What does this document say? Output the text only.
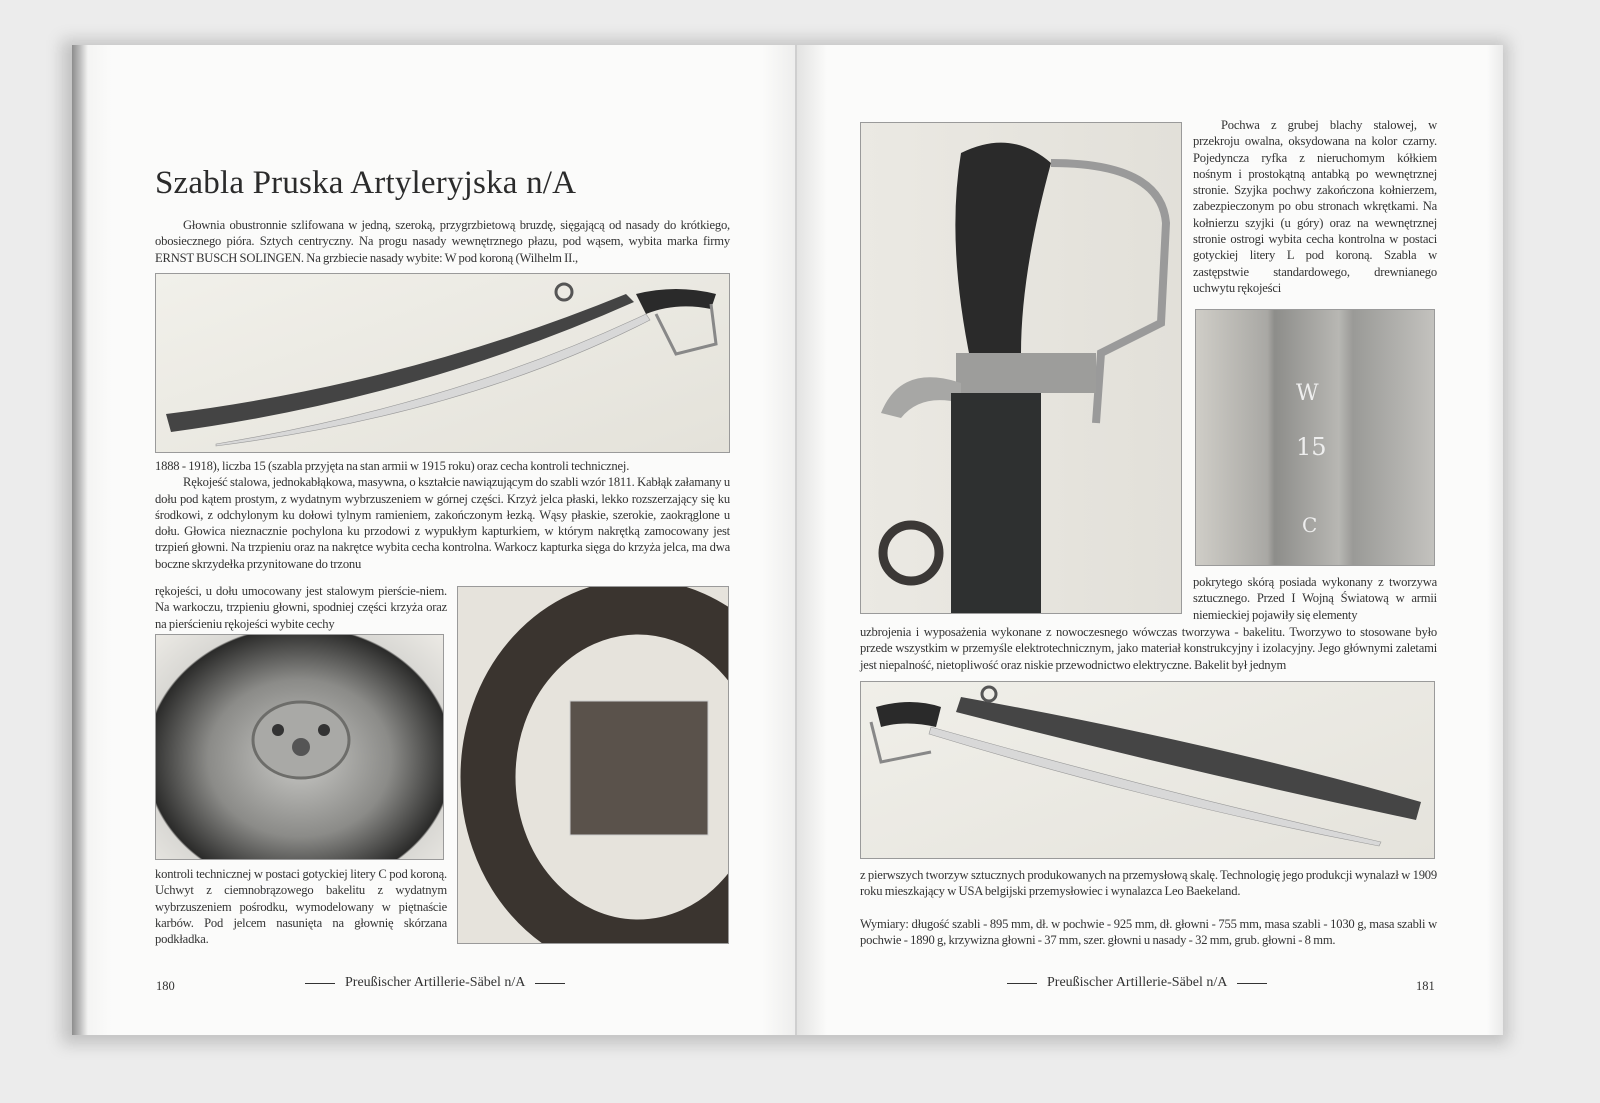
Szabla Pruska Artyleryjska n/A

Głownia obustronnie szlifowana w jedną, szeroką, przygrzbietową bruzdę, sięgającą od nasady do krótkiego, obosiecznego pióra. Sztych centryczny. Na progu nasady wewnętrznego płazu, pod wąsem, wybita marka firmy ERNST BUSCH SOLINGEN. Na grzbiecie nasady wybite: W pod koroną (Wilhelm II.,

1888 - 1918), liczba 15 (szabla przyjęta na stan armii w 1915 roku) oraz cecha kontroli technicznej.

Rękojeść stalowa, jednokabłąkowa, masywna, o kształcie nawiązującym do szabli wzór 1811. Kabłąk załamany u dołu pod kątem prostym, z wydatnym wybrzuszeniem w górnej części. Krzyż jelca płaski, lekko rozszerzający się ku środkowi, z odchylonym ku dołowi tylnym ramieniem, zakończonym łezką. Wąsy płaskie, szerokie, zaokrąglone u dołu. Głowica nieznacznie pochylona ku przodowi z wypukłym kapturkiem, w którym nakrętką zamocowany jest trzpień głowni. Na trzpieniu oraz na nakrętce wybita cecha kontrolna. Warkocz kapturka sięga do krzyża jelca, ma dwa boczne skrzydełka przynitowane do trzonu

rękojeści, u dołu umocowany jest stalowym pierście-niem. Na warkoczu, trzpieniu głowni, spodniej części krzyża oraz na pierścieniu rękojeści wybite cechy

kontroli technicznej w postaci gotyckiej litery C pod koroną. Uchwyt z ciemnobrązowego bakelitu z wydatnym wybrzuszeniem pośrodku, wymodelowany w piętnaście karbów. Pod jelcem nasunięta na głownię skórzana podkładka.

180	Preußischer Artillerie-Säbel n/A

Pochwa z grubej blachy stalowej, w przekroju owalna, oksydowana na kolor czarny. Pojedyncza ryfka z nieruchomym kółkiem nośnym i prostokątną antabką po wewnętrznej stronie. Szyjka pochwy zakończona kołnierzem, zabezpieczonym po obu stronach wkrętkami. Na kołnierzu szyjki (u góry) oraz na wewnętrznej stronie ostrogi wybita cecha kontrolna w postaci gotyckiej litery L pod koroną. Szabla w zastępstwie standardowego, drewnianego uchwytu rękojeści

W
15
C

pokrytego skórą posiada wykonany z tworzywa sztucznego. Przed I Wojną Światową w armii niemieckiej pojawiły się elementy

uzbrojenia i wyposażenia wykonane z nowoczesnego wówczas tworzywa - bakelitu. Tworzywo to stosowane było przede wszystkim w przemyśle elektrotechnicznym, jako materiał konstrukcyjny i izolacyjny. Jego głównymi zaletami jest niepalność, nietopliwość oraz niskie przewodnictwo elektryczne. Bakelit był jednym

z pierwszych tworzyw sztucznych produkowanych na przemysłową skalę. Technologię jego produkcji wynalazł w 1909 roku mieszkający w USA belgijski przemysłowiec i wynalazca Leo Baekeland.

Wymiary: długość szabli - 895 mm, dł. w pochwie - 925 mm, dł. głowni - 755 mm, masa szabli - 1030 g, masa szabli w pochwie - 1890 g, krzywizna głowni - 37 mm, szer. głowni u nasady - 32 mm, grub. głowni - 8 mm.

Preußischer Artillerie-Säbel n/A	181
